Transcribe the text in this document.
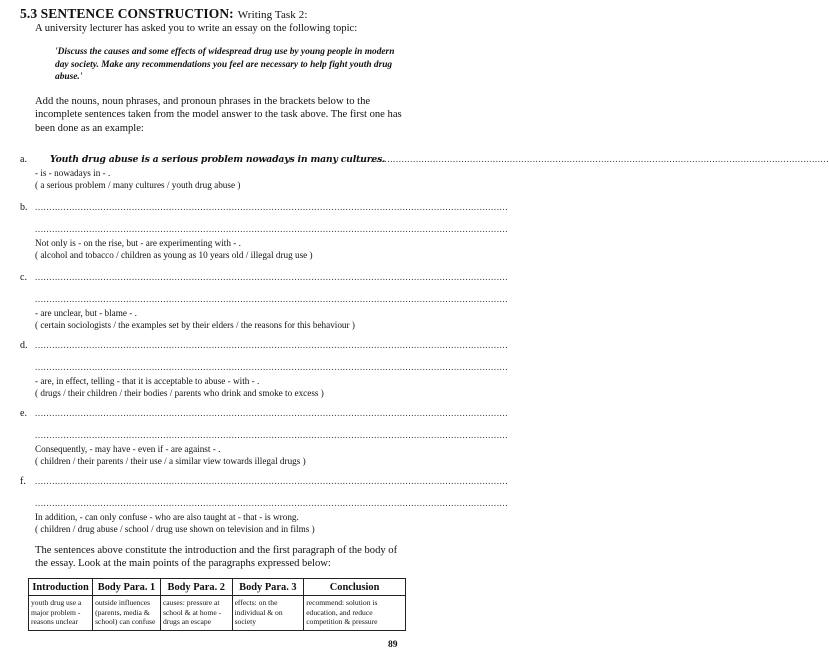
5.3 SENTENCE CONSTRUCTION: Writing Task 2:
A university lecturer has asked you to write an essay on the following topic:
'Discuss the causes and some effects of widespread drug use by young people in modern day society. Make any recommendations you feel are necessary to help fight youth drug abuse.'
Add the nouns, noun phrases, and pronoun phrases in the brackets below to the incomplete sentences taken from the model answer to the task above. The first one has been done as an example:
a. Youth drug abuse is a serious problem nowadays in many cultures.
......................................................................................................................................................................
- is - nowadays in - .
( a serious problem / many cultures / youth drug abuse )
b. ......................................................................................................................................................................
......................................................................................................................................................................
Not only is - on the rise, but - are experimenting with - .
( alcohol and tobacco / children as young as 10 years old / illegal drug use )
c. ......................................................................................................................................................................
......................................................................................................................................................................
- are unclear, but - blame - .
( certain sociologists / the examples set by their elders / the reasons for this behaviour )
d. ......................................................................................................................................................................
......................................................................................................................................................................
- are, in effect, telling - that it is acceptable to abuse - with - .
( drugs / their children / their bodies / parents who drink and smoke to excess )
e. ......................................................................................................................................................................
......................................................................................................................................................................
Consequently, - may have - even if - are against - .
( children / their parents / their use / a similar view towards illegal drugs )
f. ......................................................................................................................................................................
......................................................................................................................................................................
In addition, - can only confuse - who are also taught at - that - is wrong.
( children / drug abuse / school / drug use shown on television and in films )
The sentences above constitute the introduction and the first paragraph of the body of the essay. Look at the main points of the paragraphs expressed below:
Introduction	Body Para. 1	Body Para. 2	Body Para. 3	Conclusion
youth drug use a major problem - reasons unclear	outside influences (parents, media & school) can confuse	causes: pressure at school & at home - drugs an escape	effects: on the individual & on society	recommend: solution is education, and reduce competition & pressure
89
